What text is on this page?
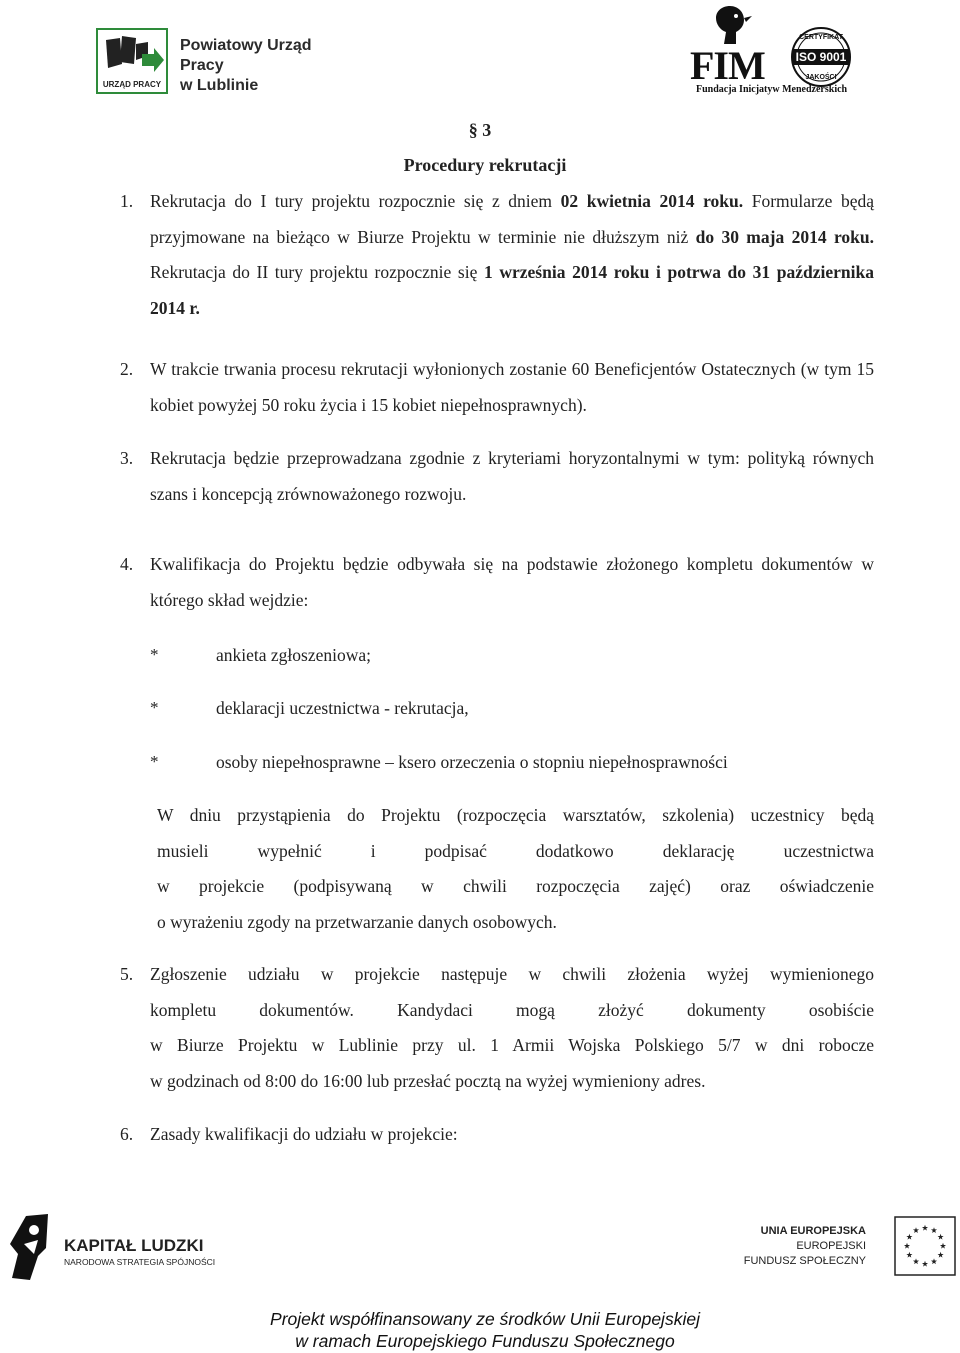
URZĄD PRACY
Powiatowy Urząd Pracy
w Lublinie	FIM
Fundacja Inicjatyw Menedżerskich
CERTYFIKAT
ISO 9001
JAKOŚCI
§ 3
Procedury rekrutacji
1. Rekrutacja do I tury projektu rozpocznie się z dniem 02 kwietnia 2014 roku. Formularze będą przyjmowane na bieżąco w Biurze Projektu w terminie nie dłuższym niż do 30 maja 2014 roku. Rekrutacja do II tury projektu rozpocznie się 1 września 2014 roku i potrwa do 31 października 2014 r.
2. W trakcie trwania procesu rekrutacji wyłonionych zostanie 60 Beneficjentów Ostatecznych (w tym 15 kobiet powyżej 50 roku życia i 15 kobiet niepełnosprawnych).
3. Rekrutacja będzie przeprowadzana zgodnie z kryteriami horyzontalnymi w tym: polityką równych szans i koncepcją zrównoważonego rozwoju.
4. Kwalifikacja do Projektu będzie odbywała się na podstawie złożonego kompletu dokumentów w którego skład wejdzie:
*	ankieta zgłoszeniowa;
*	deklaracji uczestnictwa - rekrutacja,
*	osoby niepełnosprawne – ksero orzeczenia o stopniu niepełnosprawności
W dniu przystąpienia do Projektu (rozpoczęcia warsztatów, szkolenia) uczestnicy będą
musieli wypełnić i podpisać dodatkowo deklarację uczestnictwa
w projekcie (podpisywaną w chwili rozpoczęcia zajęć) oraz oświadczenie
o wyrażeniu zgody na przetwarzanie danych osobowych.
5. Zgłoszenie udziału w projekcie następuje w chwili złożenia wyżej wymienionego
kompletu dokumentów. Kandydaci mogą złożyć dokumenty osobiście
w Biurze Projektu w Lublinie przy ul. 1 Armii Wojska Polskiego 5/7 w dni robocze
w godzinach od 8:00 do 16:00 lub przesłać pocztą na wyżej wymieniony adres.
6. Zasady kwalifikacji do udziału w projekcie:
KAPITAŁ LUDZKI
NARODOWA STRATEGIA SPÓJNOŚCI
UNIA EUROPEJSKA
EUROPEJSKI
FUNDUSZ SPOŁECZNY
Projekt współfinansowany ze środków Unii Europejskiej
w ramach Europejskiego Funduszu Społecznego
